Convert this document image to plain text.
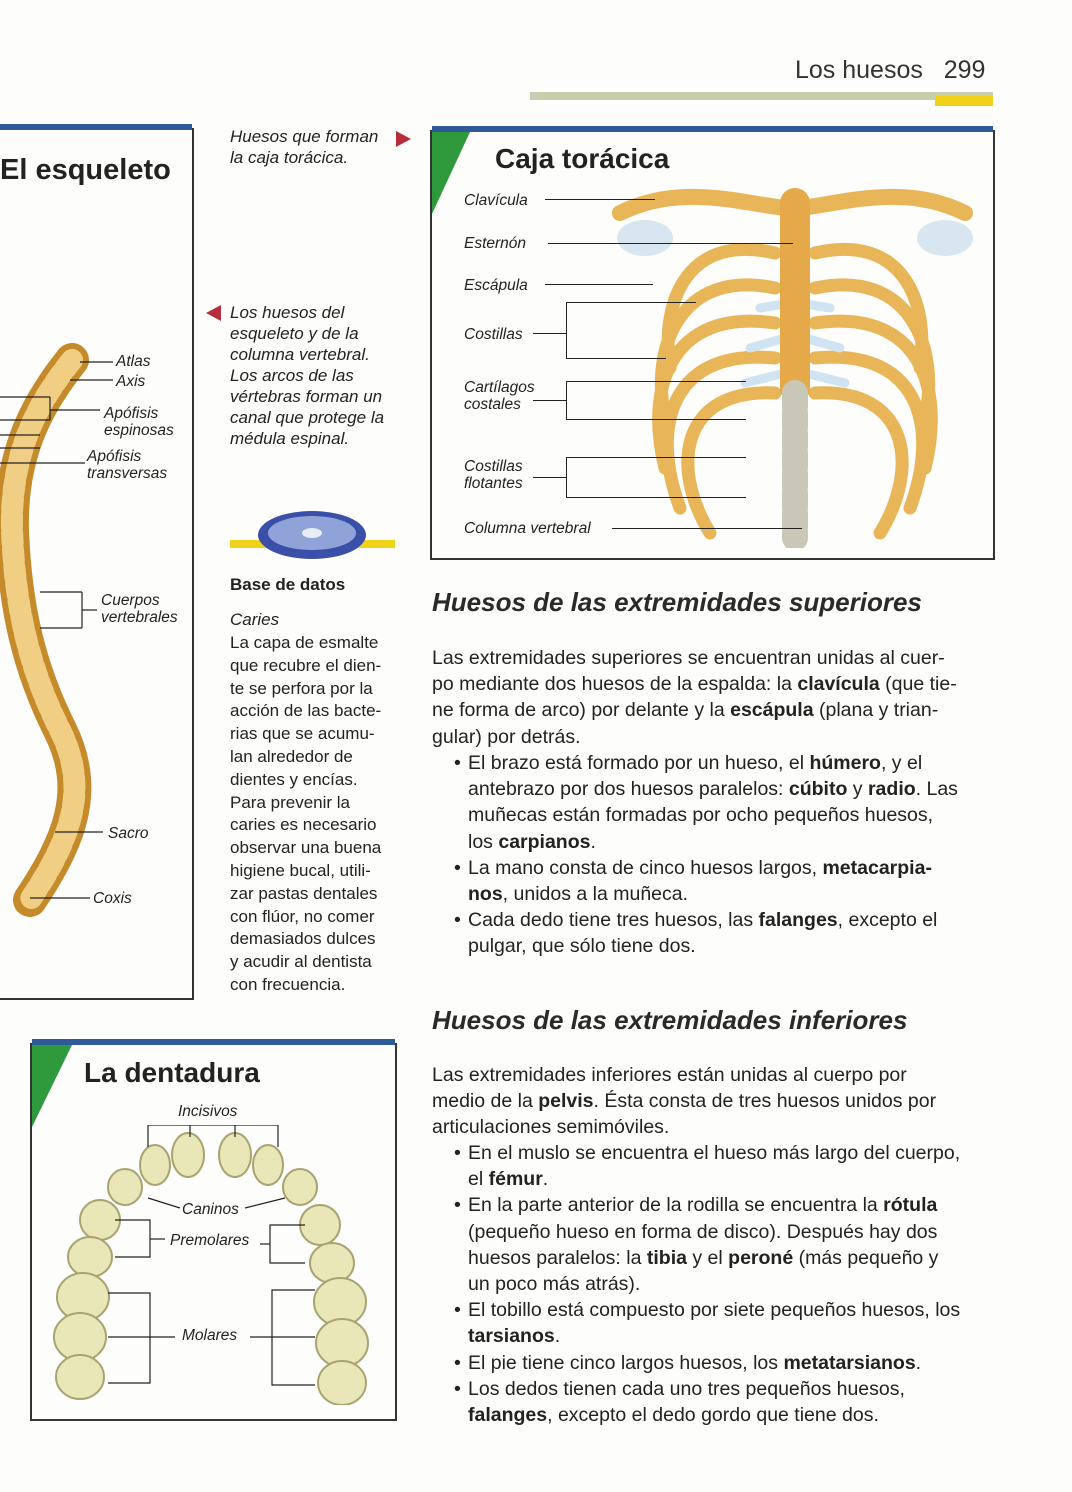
Los huesos 299
El esqueleto
Atlas
Axis
Apófisis
espinosas
Apófisis
transversas
Cuerpos
vertebrales
Sacro
Coxis
Huesos que forman
la caja torácica.
Los huesos del
esqueleto y de la
columna vertebral.
Los arcos de las
vértebras forman un
canal que protege la
médula espinal.
Base de datos
Caries
La capa de esmalte
que recubre el dien-
te se perfora por la
acción de las bacte-
rias que se acumu-
lan alrededor de
dientes y encías.
Para prevenir la
caries es necesario
observar una buena
higiene bucal, utili-
zar pastas dentales
con flúor, no comer
demasiados dulces
y acudir al dentista
con frecuencia.
Caja torácica
Clavícula
Esternón
Escápula
Costillas
Cartílagos
costales
Costillas
flotantes
Columna vertebral
Huesos de las extremidades superiores
Las extremidades superiores se encuentran unidas al cuer-
po mediante dos huesos de la espalda: la clavícula (que tie-
ne forma de arco) por delante y la escápula (plana y trian-
gular) por detrás.
• El brazo está formado por un hueso, el húmero, y el
antebrazo por dos huesos paralelos: cúbito y radio. Las
muñecas están formadas por ocho pequeños huesos,
los carpianos.
• La mano consta de cinco huesos largos, metacarpia-
nos, unidos a la muñeca.
• Cada dedo tiene tres huesos, las falanges, excepto el
pulgar, que sólo tiene dos.
Huesos de las extremidades inferiores
Las extremidades inferiores están unidas al cuerpo por
medio de la pelvis. Ésta consta de tres huesos unidos por
articulaciones semimóviles.
• En el muslo se encuentra el hueso más largo del cuerpo,
el fémur.
• En la parte anterior de la rodilla se encuentra la rótula
(pequeño hueso en forma de disco). Después hay dos
huesos paralelos: la tibia y el peroné (más pequeño y
un poco más atrás).
• El tobillo está compuesto por siete pequeños huesos, los
tarsianos.
• El pie tiene cinco largos huesos, los metatarsianos.
• Los dedos tienen cada uno tres pequeños huesos,
falanges, excepto el dedo gordo que tiene dos.
La dentadura
Incisivos
Caninos
Premolares
Molares
